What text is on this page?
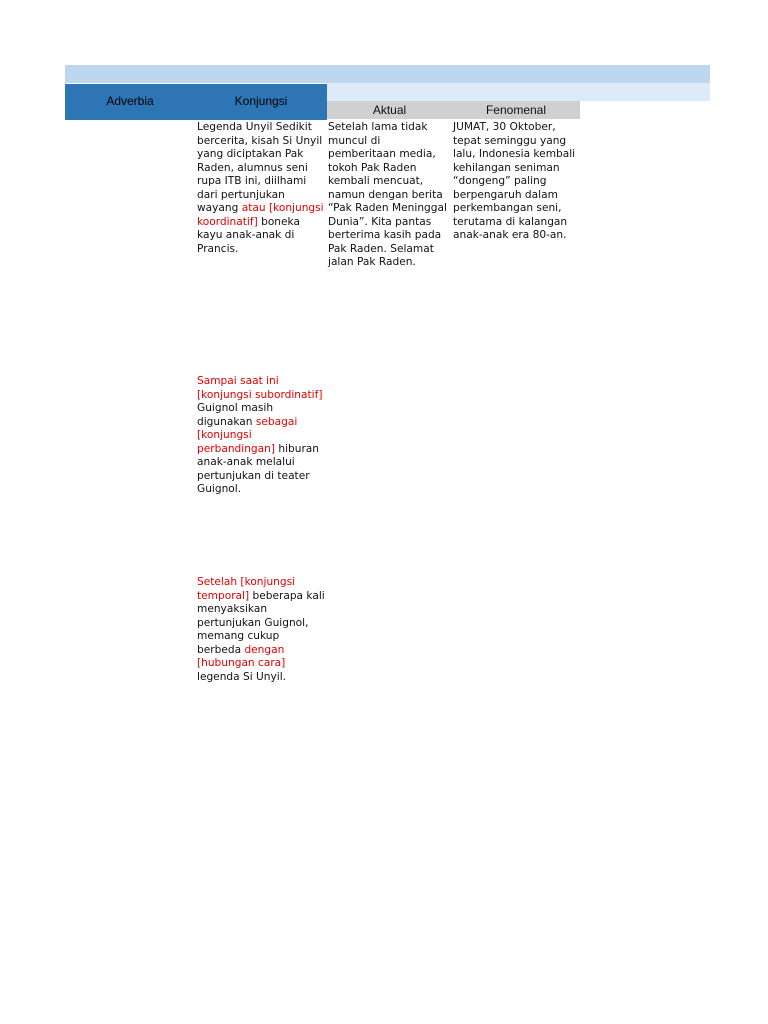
Adverbia	Konjungsi
Aktual	Fenomenal
Legenda Unyil Sedikit bercerita, kisah Si Unyil yang diciptakan Pak Raden, alumnus seni rupa ITB ini, diilhami dari pertunjukan wayang atau [konjungsi koordinatif] boneka kayu anak-anak di Prancis.
Sampai saat ini [konjungsi subordinatif] Guignol masih digunakan sebagai [konjungsi perbandingan] hiburan anak-anak melalui pertunjukan di teater Guignol.
Setelah [konjungsi temporal] beberapa kali menyaksikan pertunjukan Guignol, memang cukup berbeda dengan [hubungan cara] legenda Si Unyil.
Setelah lama tidak muncul di pemberitaan media, tokoh Pak Raden kembali mencuat, namun dengan berita “Pak Raden Meninggal Dunia”. Kita pantas berterima kasih pada Pak Raden. Selamat jalan Pak Raden.
JUMAT, 30 Oktober, tepat seminggu yang lalu, Indonesia kembali kehilangan seniman “dongeng” paling berpengaruh dalam perkembangan seni, terutama di kalangan anak-anak era 80-an.
